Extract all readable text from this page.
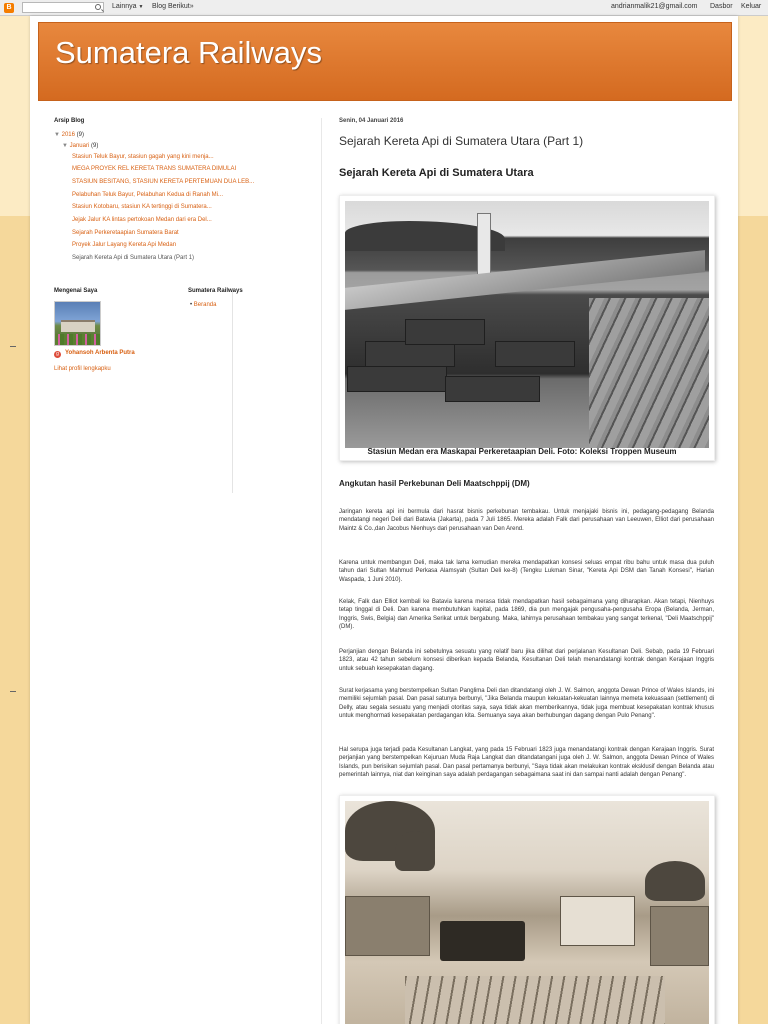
B	Lainnya ▼ Blog Berikut»	andrianmalik21@gmail.com Dasbor Keluar
Sumatera Railways
Arsip Blog
▼ 2016 (9)
▼ Januari (9)
Stasiun Teluk Bayur, stasiun gagah yang kini menja...
MEGA PROYEK REL KERETA TRANS SUMATERA DIMULAI
STASIUN BESITANG, STASIUN KERETA PERTEMUAN DUA LEB...
Pelabuhan Teluk Bayur, Pelabuhan Kedua di Ranah Mi...
Stasiun Kotobaru, stasiun KA tertinggi di Sumatera...
Jejak Jalur KA lintas pertokoan Medan dari era Del...
Sejarah Perkeretaapian Sumatera Barat
Proyek Jalur Layang Kereta Api Medan
Sejarah Kereta Api di Sumatera Utara (Part 1)
Mengenai Saya
g	Yohansoh Arbenta Putra
Lihat profil lengkapku
Sumatera Railways
• Beranda
Senin, 04 Januari 2016
Sejarah Kereta Api di Sumatera Utara (Part 1)
Sejarah Kereta Api di Sumatera Utara
Stasiun Medan era Maskapai Perkeretaapian Deli. Foto: Koleksi Troppen Museum
Angkutan hasil Perkebunan Deli Maatschppij (DM)
Jaringan kereta api ini bermula dari hasrat bisnis perkebunan tembakau. Untuk menjajaki bisnis ini, pedagang-pedagang Belanda mendatangi negeri Deli dari Batavia (Jakarta), pada 7 Juli 1865. Mereka adalah Falk dari perusahaan van Leeuwen, Elliot dari perusahaan Maintz & Co.,dan Jacobus Nienhuys dari perusahaan van Den Arend.
Karena untuk membangun Deli, maka tak lama kemudian mereka mendapatkan konsesi seluas empat ribu bahu untuk masa dua puluh tahun dari Sultan Mahmud Perkasa Alamsyah (Sultan Deli ke-8) (Tengku Lukman Sinar, "Kereta Api DSM dan Tanah Konsesi", Harian Waspada, 1 Juni 2010).
Kelak, Falk dan Elliot kembali ke Batavia karena merasa tidak mendapatkan hasil sebagaimana yang diharapkan. Akan tetapi, Nienhuys tetap tinggal di Deli. Dan karena membutuhkan kapital, pada 1869, dia pun mengajak pengusaha-pengusaha Eropa (Belanda, Jerman, Inggris, Swis, Belgia) dan Amerika Serikat untuk bergabung. Maka, lahirnya perusahaan tembakau yang sangat terkenal, "Deli Maatschppij" (DM).
Perjanjian dengan Belanda ini sebetulnya sesuatu yang relatif baru jika dilihat dari perjalanan Kesultanan Deli. Sebab, pada 19 Februari 1823, atau 42 tahun sebelum konsesi diberikan kepada Belanda, Kesultanan Deli telah menandatangi kontrak dengan Kerajaan Inggris untuk sebuah kesepakatan dagang.
Surat kerjasama yang berstempelkan Sultan Panglima Deli dan ditandatangi oleh J. W. Salmon, anggota Dewan Prince of Wales Islands, ini memiliki sejumlah pasal. Dan pasal satunya berbunyi, "Jika Belanda maupun kekuatan-kekuatan lainnya memeta kekuasaan (settlement) di Delly, atau segala sesuatu yang menjadi otoritas saya, saya tidak akan memberikannya, tidak juga membuat kesepakatan kontrak khusus untuk menghormati kesepakatan perdagangan kita. Semuanya saya akan berhubungan dagang dengan Pulo Penang".
Hal serupa juga terjadi pada Kesultanan Langkat, yang pada 15 Februari 1823 juga menandatangi kontrak dengan Kerajaan Inggris. Surat perjanjian yang berstempelkan Kejuruan Muda Raja Langkat dan ditandatangani juga oleh J. W. Salmon, anggota Dewan Prince of Wales Islands, pun berisikan sejumlah pasal. Dan pasal pertamanya berbunyi, "Saya tidak akan melakukan kontrak eksklusif dengan Belanda atau pemerintah lainnya, niat dan keinginan saya adalah perdagangan sebagaimana saat ini dan sampai nanti adalah dengan Penang".
